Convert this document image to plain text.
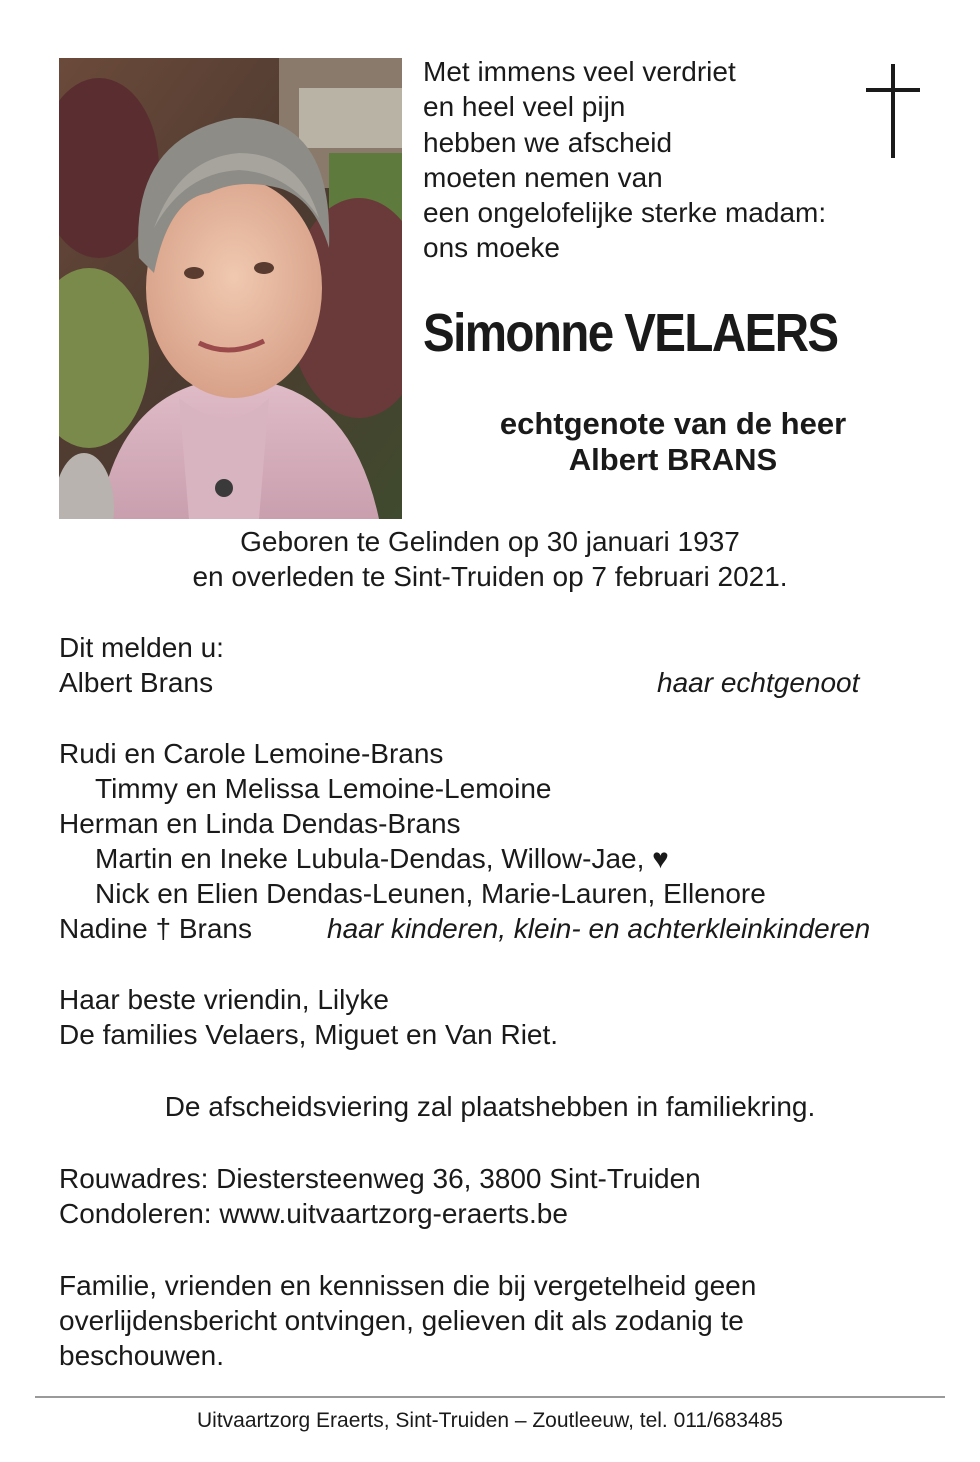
Met immens veel verdriet
en heel veel pijn
hebben we afscheid
moeten nemen van
een ongelofelijke sterke madam:
ons moeke
Simonne VELAERS
echtgenote van de heer
Albert BRANS
Geboren te Gelinden op 30 januari 1937
en overleden te Sint-Truiden op 7 februari 2021.
Dit melden u:
Albert Brans	haar echtgenoot
Rudi en Carole Lemoine-Brans
Timmy en Melissa Lemoine-Lemoine
Herman en Linda Dendas-Brans
Martin en Ineke Lubula-Dendas, Willow-Jae, ♥
Nick en Elien Dendas-Leunen, Marie-Lauren, Ellenore
Nadine † Brans	haar kinderen, klein- en achterkleinkinderen
Haar beste vriendin, Lilyke
De families Velaers, Miguet en Van Riet.
De afscheidsviering zal plaatshebben in familiekring.
Rouwadres: Diestersteenweg 36, 3800 Sint-Truiden
Condoleren: www.uitvaartzorg-eraerts.be
Familie, vrienden en kennissen die bij vergetelheid geen
overlijdensbericht ontvingen, gelieven dit als zodanig te
beschouwen.
Uitvaartzorg Eraerts, Sint-Truiden – Zoutleeuw, tel. 011/683485
